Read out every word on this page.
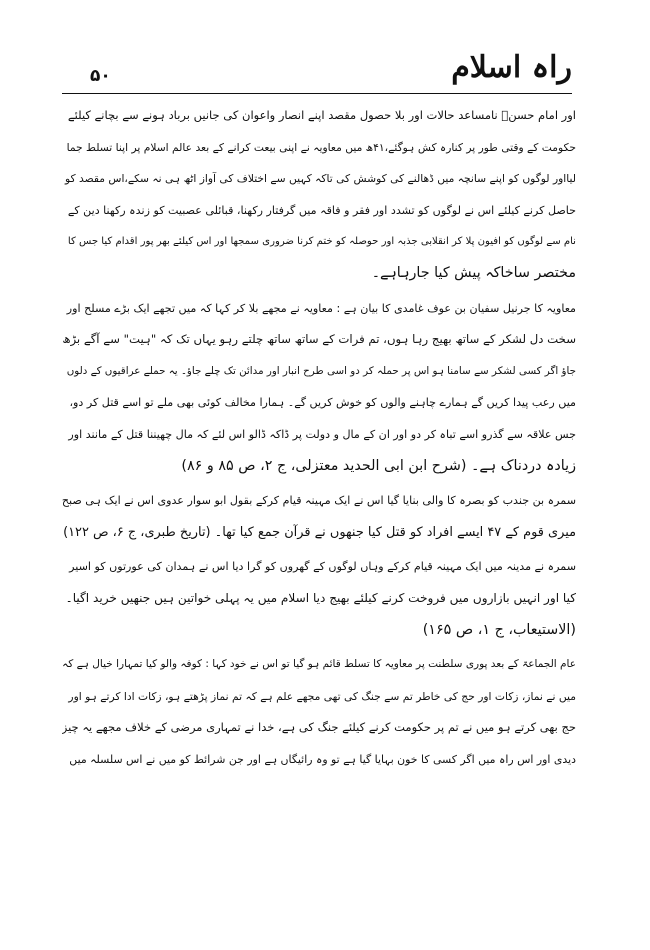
۵۰	راہ اسلام
اور امام حسنؑ نامساعد حالات اور بلا حصول مقصد اپنے انصار واعوان کی جانیں برباد ہونے سے بچانے کیلئے
حکومت کے وقتی طور پر کنارہ کش ہوگئے،۴۱ھ میں معاویہ نے اپنی بیعت کرانے کے بعد عالم اسلام پر اپنا تسلط جما
لیااور لوگوں کو اپنے سانچہ میں ڈھالنے کی کوشش کی تاکہ کہیں سے اختلاف کی آواز اٹھ ہی نہ سکے،اس مقصد کو
حاصل کرنے کیلئے اس نے لوگوں کو تشدد اور فقر و فاقہ میں گرفتار رکھنا، قبائلی عصبیت کو زندہ رکھنا دین کے
نام سے لوگوں کو افیون پلا کر انقلابی جذبہ اور حوصلہ کو ختم کرنا ضروری سمجھا اور اس کیلئے بھر پور اقدام کیا جس کا
مختصر ساخاکہ پیش کیا جارہاہے۔
معاویہ کا جرنیل سفیان بن عوف غامدی کا بیان ہے : معاویہ نے مجھے بلا کر کہا کہ میں تجھے ایک بڑے مسلح اور
سخت دل لشکر کے ساتھ بھیج رہا ہوں، تم فرات کے ساتھ ساتھ چلتے رہو یہاں تک کہ "ہیت" سے آگے بڑھ
جاؤ اگر کسی لشکر سے سامنا ہو اس پر حملہ کر دو اسی طرح انبار اور مدائن تک چلے جاؤ۔ یہ حملے عراقیوں کے دلوں
میں رعب پیدا کریں گے ہمارے چاہنے والوں کو خوش کریں گے۔ ہمارا مخالف کوئی بھی ملے تو اسے قتل کر دو،
جس علاقہ سے گذرو اسے تباہ کر دو اور ان کے مال و دولت پر ڈاکہ ڈالو اس لئے کہ مال چھیننا قتل کے مانند اور
زیادہ دردناک ہے۔ (شرح ابن ابی الحدید معتزلی، ج ۲، ص ۸۵ و ۸۶)
سمرہ بن جندب کو بصرہ کا والی بنایا گیا اس نے ایک مہینہ قیام کرکے بقول ابو سوار عدوی اس نے ایک ہی صبح
میری قوم کے ۴۷ ایسے افراد کو قتل کیا جنھوں نے قرآن جمع کیا تھا۔ (تاریخ طبری، ج ۶، ص ۱۲۲)
سمرہ نے مدینہ میں ایک مہینہ قیام کرکے وہاں لوگوں کے گھروں کو گرا دیا اس نے ہمدان کی عورتوں کو اسیر
کیا اور انہیں بازاروں میں فروخت کرنے کیلئے بھیج دیا اسلام میں یہ پہلی خواتین ہیں جنھیں خرید اگیا۔
(الاستیعاب، ج ۱، ص ۱۶۵)
عام الجماعۃ کے بعد پوری سلطنت پر معاویہ کا تسلط قائم ہو گیا تو اس نے خود کہا : کوفہ والو کیا تمہارا خیال ہے کہ
میں نے نماز، زکات اور حج کی خاطر تم سے جنگ کی تھی مجھے علم ہے کہ تم نماز پڑھتے ہو، زکات ادا کرتے ہو اور
حج بھی کرتے ہو میں نے تم پر حکومت کرنے کیلئے جنگ کی ہے، خدا نے تمہاری مرضی کے خلاف مجھے یہ چیز
دیدی اور اس راہ میں اگر کسی کا خون بہایا گیا ہے تو وہ رائیگاں ہے اور جن شرائط کو میں نے اس سلسلہ میں
